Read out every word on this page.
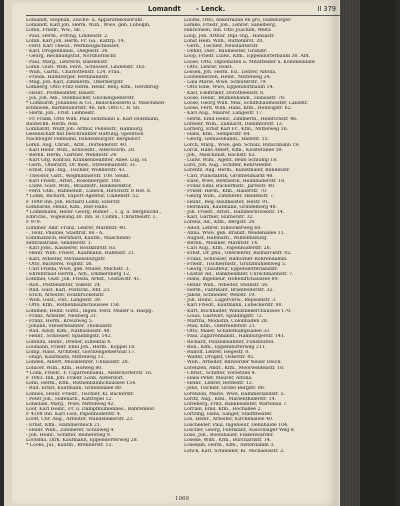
Lomandt - Lenck.	II 379
Lomandt, Stephan, Zeichn- u. Apparatekonstrukt.
Lomandt, Karl Joh. Herm. Wilh., Wwe, geb. Lubolph,
Lomb, Friedr., Ww., Sk. ,
- Paul, Herm., Frfchg, Lindenstr. 2.
Lomb, Karl Joh. Herm. Fr. Ga., Kattrp. 14.
- Ferd. Karl Theod., Werkzeugschlosser,
- Karl, Drogenhandl., Diegelstr. 34.
- Georg, Rechnungsrat, Nordhornschr.
- Paul, Marg., Lehrerin, Bliedenstr.
Lomb. Gust. Wilh. Ferd., Schlosser, Lindenstr. 165.
- Wilh., Gärtn., Charlottenstr. 124. Frau.
- Frieda. Hamburger, Ferdinandstr.
- Mag. Joh. Karl, Zimmerm., Oberbergstr.
Lomberg, Otto Fritz Herm. Heinr. Benj. Kfm., Herdbrug-
- Heinr., Postbeamter, Baustr.
- Jos. Joh. Alb., Stellmacher, Glockengießerstr.
* Lombardt, Johannes & Co., Bauschlosserei u. Maschinen-
schmiede, Barhlendorfstr. 46. Inh. Otto C. B. Sh.
- Herm. Joh., Frist. Lemnestr.
- Fr. Frank, Otto Wilh. Paul Holzmann u. Karl Holzmann,
Bautechn. Herm. Rob.
Lombardt, Wulff Joh. Arthur, Pellenstr., Hamburg.
Gesellschaft mit beschränkter Haftung. Spedition
Nachfolger Fellmann, Hindenburgstr. Bergedorf
Lomb. Aug. Christ., Arbt., Dörfelderstr. 40.
- Karl Heinr. Wilh., Schlossflt., Altersvorm. 20.
- Bernh. Herm., Gärtner, Wendestr. 24.
- Kurt Grg. Konrad, Krankenbeamter, Allee. Lug. H.
- Gerh., Oberarzt, Dr. med., Stresemannstr. 31.
- Ernst, Dipl.-Ing., Tischler, Wohnerstr. 43.
- Theodor, Gatt., Wegmannerstr. 108. Senkt.
- Karl Friedr., Arbst., Rosenbergstr. 180.
- Ludw. Gust. Wilh., Braumstr., Bankdirektor,
- Ferd. Gtlb., Rahmendr., Lübeck, Hirschstr. 8 Hof. 8.
* Lomb, Richard, Export-Agentur, Claßenstr. 52.
F 1040 Inh. Joh. Richard Lomb, Ellerstr.
Lombarde, Heinz, Kim., Riet-Halls.
* Lombmann, Heinr. Georg, Bühler ., 1. g. u. Bergbuchd.,
Elbrichs., Vogelsang 30. Inh. H. Comm., Christbelstr. 1.
F 979.
Lömmer, Albr. Franz, Lehrer, Marktstr. 40.
- , Holz. Pauline, Stadtrat. 86 - A.
Lommatzsch, Bernhard, Kaufm., Maschinen-
zentralstraße, Sendlerstr. 1.
- Karl Johs., Kassierer, Rostkfnrstr. 83.
- Heinr. Wilh. Friedr., Kaufmann, Hafenstr. 31.
- Karl, Arbeiter, Michaelisburgstr.
- Otto, Bäckerei, Vogtstr. 56.
- Carl Frieda, Wwe, geb. Müller, Milchstr. 3.
- Ehrentraud Herrm., Arb., Emmersberg 12.
Lommel, Gust. Joh. Frieda, Arbst., Gustavstr. 41.
- Rob., Postbeamter, Volkstr. 24.
- Rud. Gust. Karl, Postschl., Bhf. 23.
- Erich, Arbeiter, Holzbrückenstr.
- Wilh. Gust., Fbr., Langestr. 39.
- Otto, Kfm., Rothenbaumchaussee 158.
Lommen, Heinr. Gutts., Ingen. Ferd. Müller u. Haspg.
- Franz, Arbeiter, Neuberg 21.
- Franz, Herm., Kreuzweg 5.
- Johann, Steuerbeamter, Thomasstr.
- Rud. Adolf, Kfm., Nathusiusstr. 48.
- Heinr., Schlosser, Spaldingstr. 142.
Lomnitz, Heinr., Dreher, Eilbektal 4.
Loomann, Friedr. Emil Joh., Herm., Koppel 18.
Lomp, Hans, Architekt, Glockengießerwall 17.
- Hugo, Kaufmann, Mittelweg 11.
Londen, Albert, Musiklehrer, Uhlandstr. 28.
Lonicer, Wilh., Kfm., Hofweg 80.
* Lonk, Friedr., F. Cigarrenhandl., Alsterdorferstr. 16.
F 1083. Inh. Joh. Friedr. Lonk, Alsterdorf.
Lonn, Herm., Kfm., Rothenbaumchaussee 154.
- Rud. Ernst, Kaufmann, Grindelallee 80.
Lonnes, Heinr. Friedr., Tischler, Kl. Bäckerstr.
- Peter Joh., Hafenarb., Kattrepel 12.
Lonsdale, Marg., Wwe, Mittelweg 42.
Loof, Karl Heinr., Fr. u. Dampfmühlenbes., Bahrenfeld
F 4108 Inh. Karl Loof, Papenhuderstr. 4.
Looft, Chr. Aug., Arbeiter, Wandsbekerstr. 23.
- Ernst, Kfm., Hammerdeich 21.
- Heinr. Wilh., Zimmerer, Schulweg 4.
- Joh. Heinr., Schiffer, Reiherstieg 9.
Lootsma, Dirk, Kaufmann, Eppendorferweg 28.
* Looks, Jul., Kaufm., Brennerstr. 12.
Looms, Otto, Ankermann en gro, Hamburger-
Lemke, Friedr. Joh., Lehrer, Sanelberg.
Hinrichsen, Inh. Otto Joachim, Weita
Loop, Joh. Arthur, Dipl.-Ing., Hansastr.
Lohst Hein. Wilh., Büttenbrst. 20.
- Gerh., Tischler, Neustädterstr.
- Dehnr, Dier., Baumeister, Grünstr.
Loop, Friedr. Ludw., Kfm., Eppendorferbaum 30. Abt.
Loose, Otto, Diplomaten u. Mitarbeiter u. Kommendant
- Otto, Lehrer, Holst.
Lossen, Joh. Herm. Ed., Lehrer, Altona.
Loobennerzen, Heinr., Mittelweg 24.
- Lina Marie, Wwe, Schlüterstr. 79.
- Otto Ellie, Wwe, Eppendorfbaum 14.
- Karl, Elektriker, Dorotheenstr. 8.
Loose, Heinr., Blumenhandl., Hansastr. 78.
Loose, Georg Wilh. Max, Schiffsbaumeister, Landstr.
Loose, Ferd. Wilh. Hans, Kfm., Heilwigstr. 62.
- Karl Aug., Maurer, Langestr. 17.
- Herm. Emil Heinr., Zimmerm., Heinrichstr. 46.
Lorbeer, Wilh., Zahnarzt, Dammtorstr. 12.
Lorberg, Ernst Karl Fr., Kfm., Mittelweg 16.
- Hans, Kfm., Semperstr. 64.
- Georg, Gemüsehändl., Hanfstr. 15.
Lorch, Marg., Wwe, geb. Schulz, Rutschbahn 19.
Lorck, Hans Albert, Kfm., Klosterallee 59.
- Joh., Maschinist, Bachstr. 62.
- Ludw. Wilh., Agent, Beim Schlump 18.
Lord, Joh. Aug., Schiffer, Kehrwieder.
Lorentz, Aug. Herm., Kunstmaler, Bundesstr.
- Carl, Pianofabrik, Großneumarkt 48.
- Elise, Wwe, Rentnerin, Heimhuderstr. 18.
- Franz Emil, Bäckermstr., Jarrestr. 40.
- Friedr. Herm., Kfm., Hallerstr. 70.
- Georg Wilh., Zimmerer, Heidenstr. 7.
- Heinr., Reg.-Baumeister, Isestr. 91.
- Hermann, Kaufmann, Grindelberg 48.
- Joh. Friedr., Arbst., Hammerbrookstr. 14.
- Karl, Gärtner, Hufnerstr. 32.
Lorenz, Ad., Kfm., Bergstr. 20.
- Adolf, Lehrer, Eilbeckerweg 60.
- Anna, Wwe, geb. Brandt, Weidenallee 11.
- August, Hafenarb., Wilhelmsburg.
- Bernh., Musiker, Marktstr. 14.
- Carl Aug., Kfm., Papenhuderstr. 26.
- Ernst, Dr. phil., Oberlehrer, Bismarckstr. 82.
- Franz, Schlosser, Billhorner Röhrendamm.
- Friedr., Tischlermstr., Grützmühlenweg 5.
- Georg, Chauffeur, Eppendorferlandstr.
- Gustav Ad., Bankbeamter, Curschmannstr. 7.
- Hans, Ingenieur, Hoheluftchaussee 89.
- Heinr. Wilh., Arbeiter, Steinstr. 56.
- Herm., Fabrikant, Bramfelderstr. 32.
- Jakob, Schneider, Wexstr. 19.
- Joh. Heinr., Lagerverw., Repsoldstr. 3.
- Karl Friedr., Kaufmann, Lübeckerstr. 90.
- Kurt, Buchhalter, Wandsbekerchaussee 170.
- Louis, Gastwirt, Spaldingstr. 72.
- Martha, Modistin, Colonnaden 28.
- Max, Kfm., Oderfelderstr. 21.
- Otto, Maler, Schäferkampsallee 33.
- Paul, Zigarrenhändl., Hamburgerstr. 141.
- Richard, Polizeibeamter, Fuhlsbüttel.
- Rob., Kfm., Eppendorferweg 211.
- Rudolf, Lehrer, Hegestr. 8.
- Walter, Drogist, Osterstr. 45.
- Wilh., Arbeiter, Billwerder Neuer Deich.
Lorenzen, Andr., Kfm., Moorweidenstr. 18.
- Christ., Schiffer, Vorsetzen 4.
- Hans Peter, Maurer, Altona.
- Heinr., Lehrer, Rothestr. 12.
- Jens, Tischler, Große Bergstr. 88.
Lorenzon, Marie, Wwe, Hammerlandstr. 5.
Loritz, Aug., Kfm., Marienthalerstr. 14.
Lorleberg, Fritz, Bankbeamter, Wartenau 7.
Lorrain, Emil, Kfm., Hochallee 2.
Lortzing, Hans, Sänger, Stadttheater.
Los, Heinr., Arbeiter, Kirchenallee 40.
Loschelder, Paul, Ingenieur, Dehnhaide 104.
Loscher, Georg, Fabrikant, Ausschläger Weg 8.
Lose, Joh., Bootsbauer, Finkenwärder.
Loseke, Wilh., Kfm., Burchardstr. 14.
Losekam, Herm., Kfm., Alsterdamm 3.
Lenck, Karl, Schneider, Kl. Michaelisstr. 2.
1069
